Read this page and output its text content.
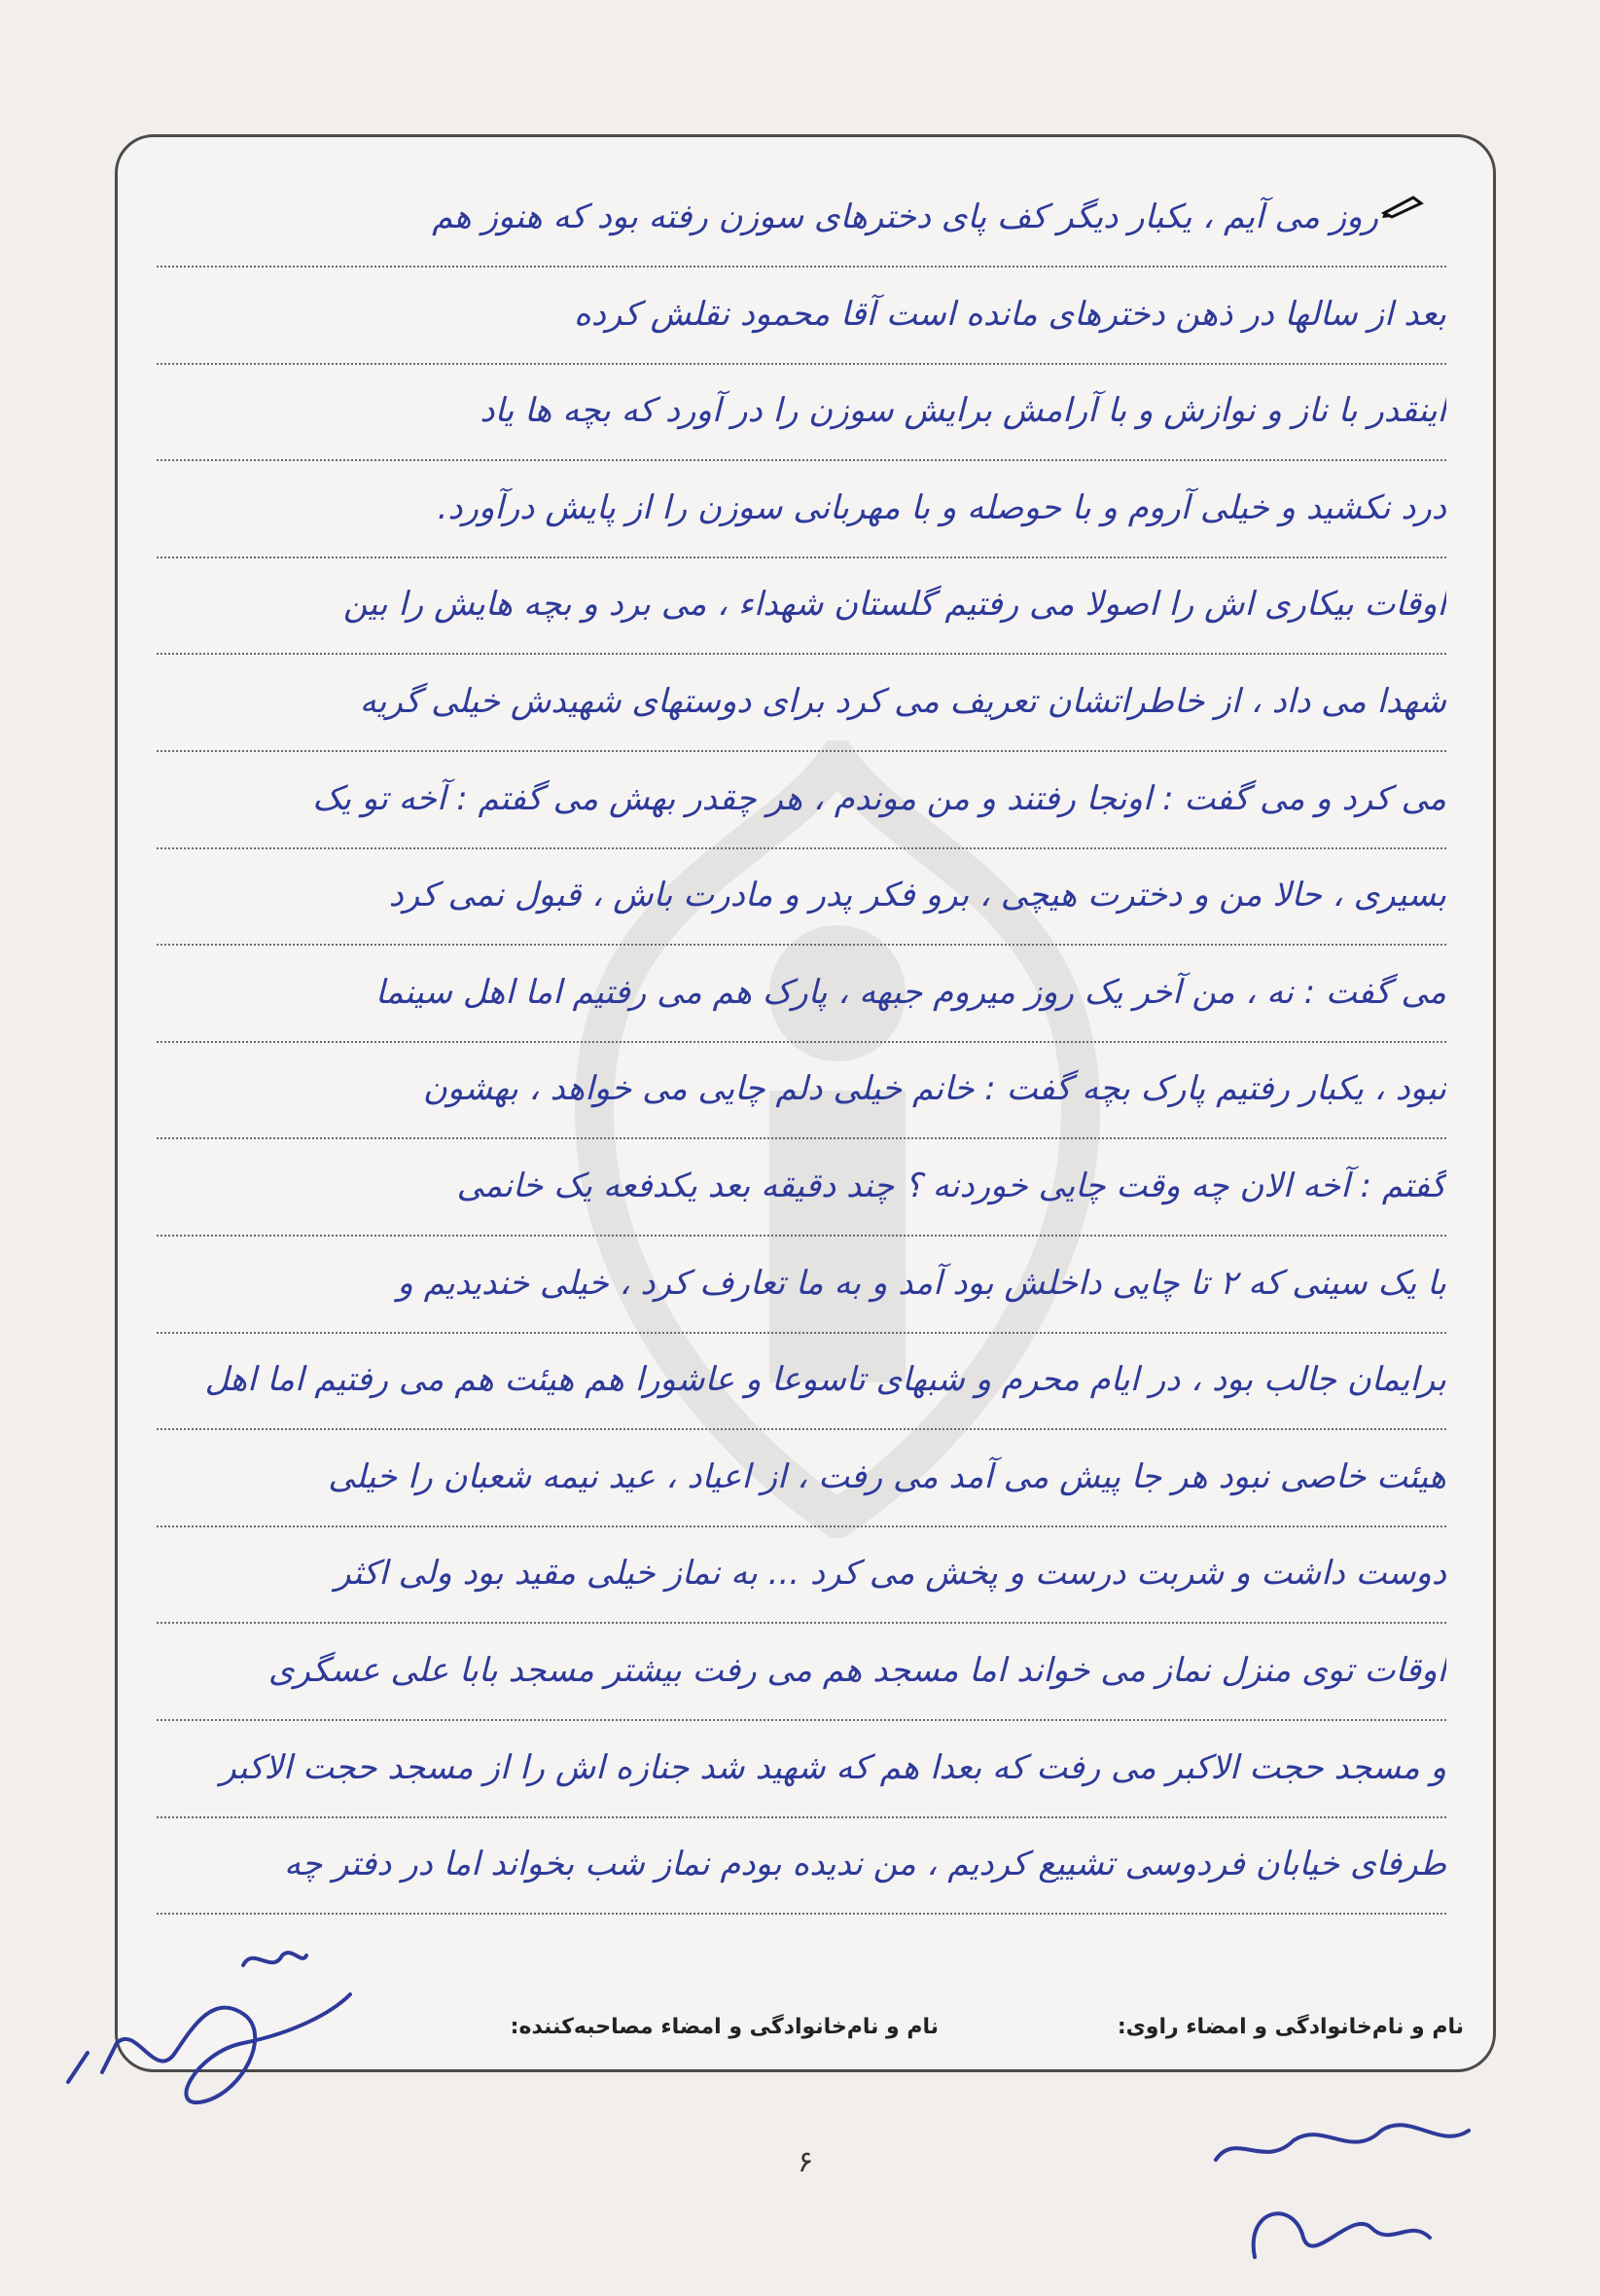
روز می آیم ، یکبار دیگر کف پای دخترهای سوزن رفته بود که هنوز هم
بعد از سالها در ذهن دخترهای مانده است آقا محمود نقلش کرده
اینقدر با ناز و نوازش و با آرامش برایش سوزن را در آورد که بچه ها یاد
درد نکشید و خیلی آروم و با حوصله و با مهربانی سوزن را از پایش درآورد.
اوقات بیکاری اش را اصولا می رفتیم گلستان شهداء ، می برد و بچه هایش را بین
شهدا می داد ، از خاطراتشان تعریف می کرد برای دوستهای شهیدش خیلی گریه
می کرد و می گفت : اونجا رفتند و من موندم ، هر چقدر بهش می گفتم : آخه تو یک
بسیری ، حالا من و دخترت هیچی ، برو فکر پدر و مادرت باش ، قبول نمی کرد
می گفت : نه ، من آخر یک روز میروم جبهه ، پارک هم می رفتیم اما اهل سینما
نبود ، یکبار رفتیم پارک بچه گفت : خانم خیلی دلم چایی می خواهد ، بهشون
گفتم : آخه الان چه وقت چایی خوردنه ؟ چند دقیقه بعد یکدفعه یک خانمی
با یک سینی که ۲ تا چایی داخلش بود آمد و به ما تعارف کرد ، خیلی خندیدیم و
برایمان جالب بود ، در ایام محرم و شبهای تاسوعا و عاشورا هم هیئت هم می رفتیم اما اهل
هیئت خاصی نبود هر جا پیش می آمد می رفت ، از اعیاد ، عید نیمه شعبان را خیلی
دوست داشت و شربت درست و پخش می کرد ... به نماز خیلی مقید بود ولی اکثر
اوقات توی منزل نماز می خواند اما مسجد هم می رفت بیشتر مسجد بابا علی عسگری
و مسجد حجت الاکبر می رفت که بعدا هم که شهید شد جنازه اش را از مسجد حجت الاکبر
طرفای خیابان فردوسی تشییع کردیم ، من ندیده بودم نماز شب بخواند اما در دفتر چه
نام و نام‌خانوادگی و امضاء راوی:
نام و نام‌خانوادگی و امضاء مصاحبه‌کننده:
۶
